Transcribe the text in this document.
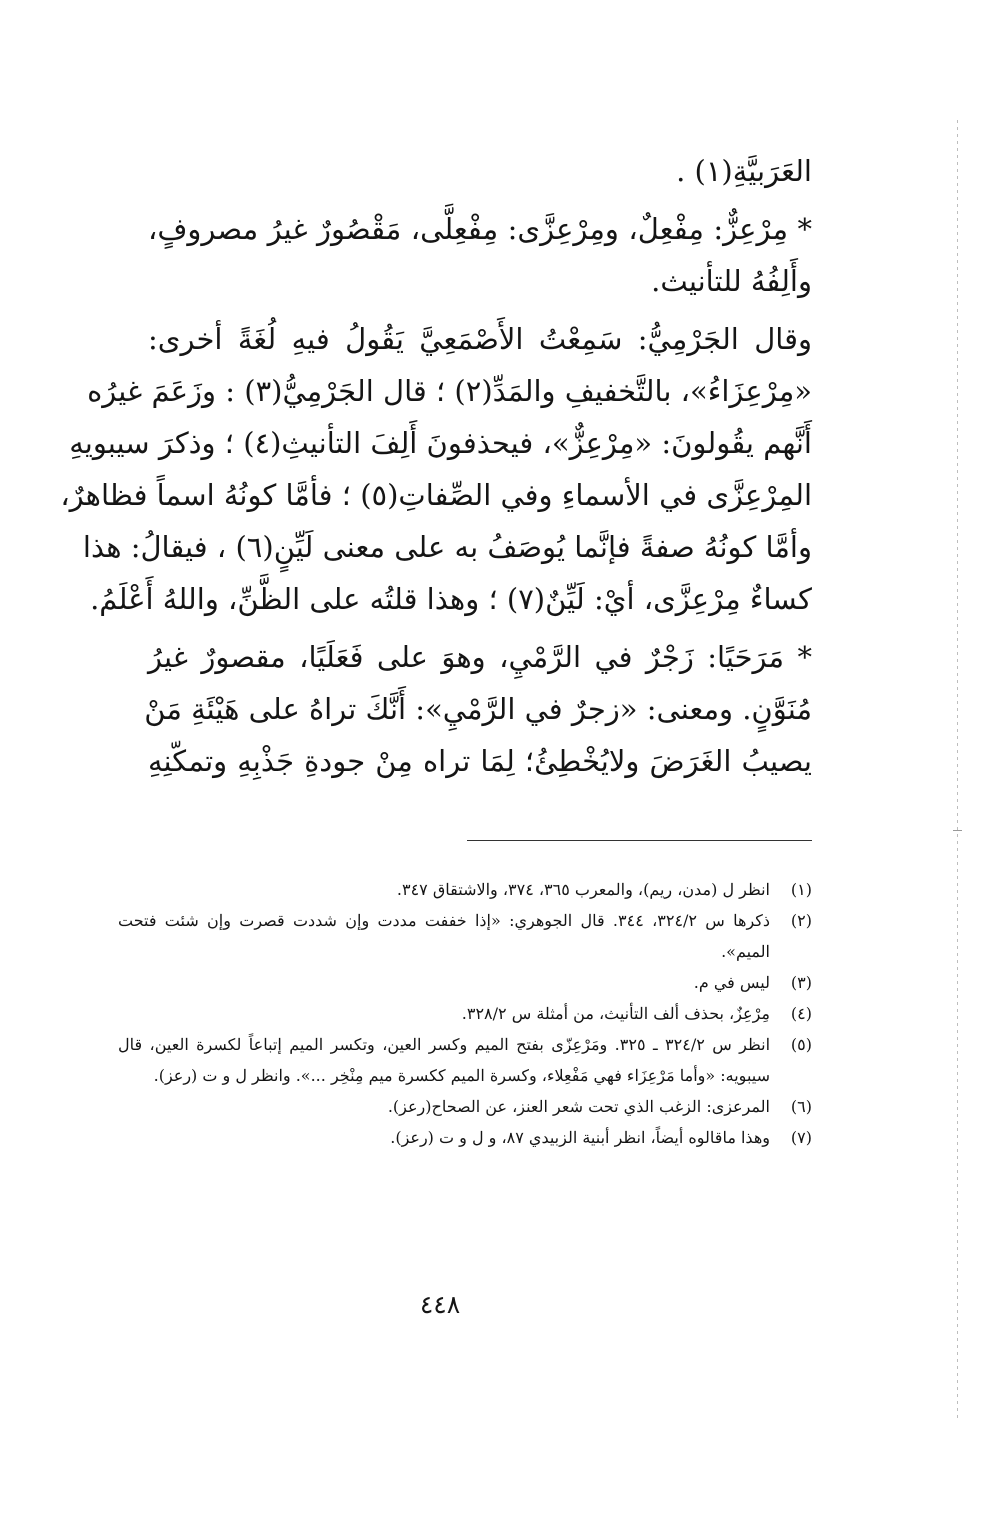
العَرَبيَّةِ(١) .
* مِرْعِزٌّ: مِفْعِلٌ، ومِرْعِزَّى: مِفْعِلَّى، مَقْصُورٌ غيرُ مصروفٍ،
وأَلِفُهُ للتأنيث.
وقال الجَرْمِيُّ: سَمِعْتُ الأَصْمَعِيَّ يَقُولُ فيهِ لُغَةً أخرى:
«مِرْعِزَاءُ»، بالتَّخفيفِ والمَدِّ(٢) ؛ قال الجَرْمِيُّ(٣) : وزَعَمَ غيرُه
أَنَّهم يقُولونَ: «مِرْعِزٌّ»، فيحذفونَ أَلِفَ التأنيثِ(٤) ؛ وذكرَ سيبويهِ
المِرْعِزَّى في الأسماءِ وفي الصِّفاتِ(٥) ؛ فأمَّا كونُهُ اسماً فظاهرٌ،
وأمَّا كونُهُ صفةً فإنَّما يُوصَفُ به على معنى لَيِّنٍ(٦) ، فيقالُ: هذا
كساءٌ مِرْعِزَّى، أيْ: لَيِّنٌ(٧) ؛ وهذا قلتُه على الظَّنِّ، واللهُ أَعْلَمُ.
* مَرَحَيًا: زَجْرٌ في الرَّمْيِ، وهوَ على فَعَلَيًا، مقصورٌ غيرُ
مُنَوَّنٍ. ومعنى: «زجرٌ في الرَّمْيِ»: أَنَّكَ تراهُ على هَيْئَةِ مَنْ
يصيبُ الغَرَضَ ولايُخْطِئُ؛ لِمَا تراه مِنْ جودةِ جَذْبِهِ وتمكّنِهِ
(١)
انظر ل (مدن، ريم)، والمعرب ٣٦٥، ٣٧٤، والاشتقاق ٣٤٧.
(٢)
ذكرها س ٣٢٤/٢، ٣٤٤. قال الجوهري: «إذا خففت مددت وإن شددت قصرت وإن شئت فتحت الميم».
(٣)
ليس في م.
(٤)
مِرْعِزٌ، بحذف ألف التأنيث، من أمثلة س ٣٢٨/٢.
(٥)
انظر س ٣٢٤/٢ ـ ٣٢٥. ومَرْعِزّى بفتح الميم وكسر العين، وتكسر الميم إتباعاً لكسرة العين، قال سيبويه: «وأما مَرْعِزَاء فهي مَفْعِلاء، وكسرة الميم ككسرة ميم مِنْخِر ...». وانظر ل و ت (رعز).
(٦)
المرعزى: الزغب الذي تحت شعر العنز، عن الصحاح(رعز).
(٧)
وهذا ماقالوه أيضاً، انظر أبنية الزبيدي ٨٧، و ل و ت (رعز).
٤٤٨
